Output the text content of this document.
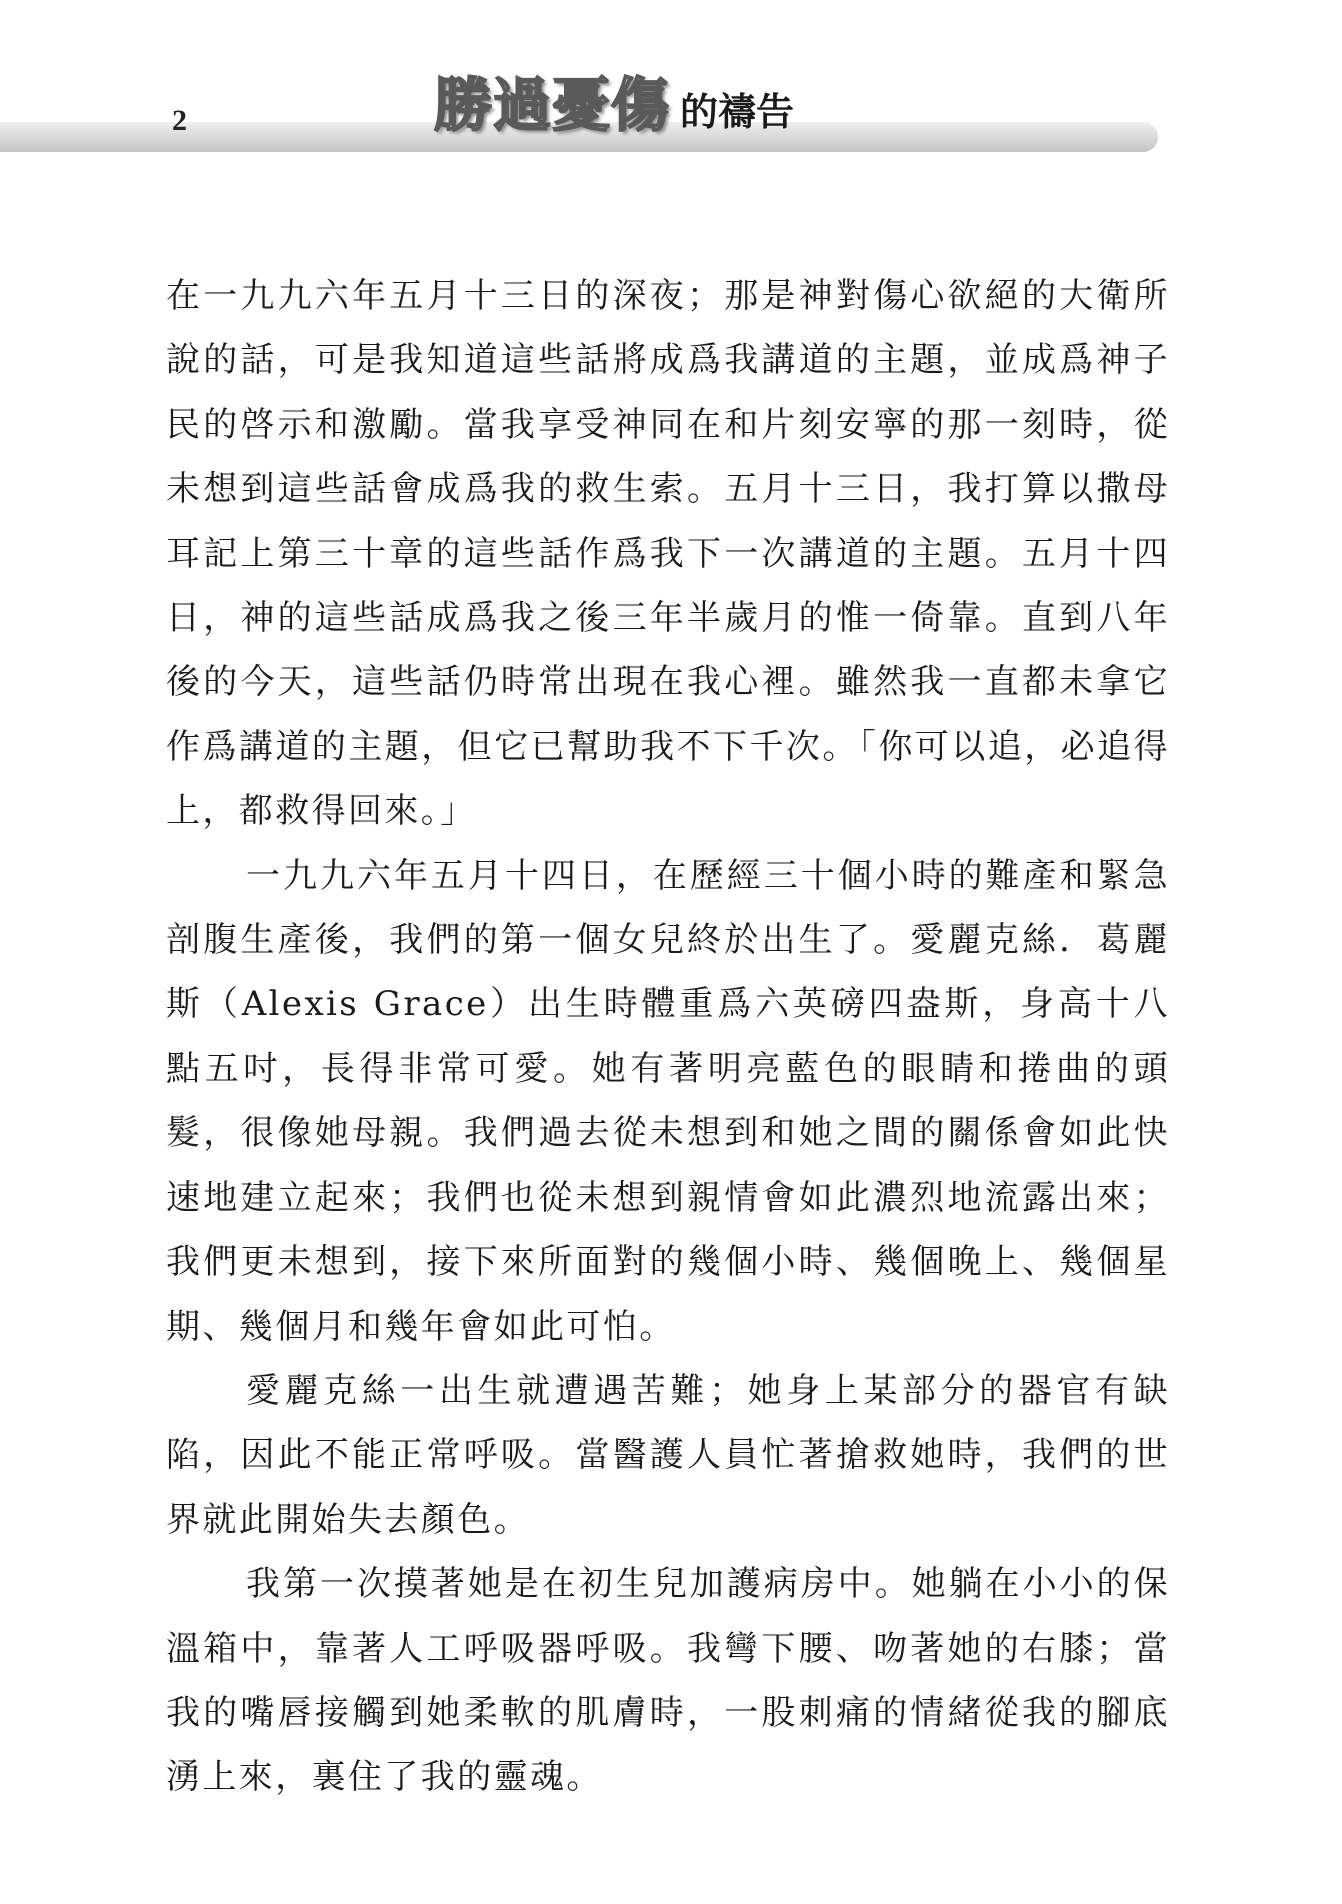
2	勝過憂傷 的禱告

在一九九六年五月十三日的深夜；那是神對傷心欲絕的大衛所說的話，可是我知道這些話將成爲我講道的主題，並成爲神子民的啓示和激勵。當我享受神同在和片刻安寧的那一刻時，從未想到這些話會成爲我的救生索。五月十三日，我打算以撒母耳記上第三十章的這些話作爲我下一次講道的主題。五月十四日，神的這些話成爲我之後三年半歲月的惟一倚靠。直到八年後的今天，這些話仍時常出現在我心裡。雖然我一直都未拿它作爲講道的主題，但它已幫助我不下千次。「你可以追，必追得上，都救得回來。」

一九九六年五月十四日，在歷經三十個小時的難產和緊急剖腹生產後，我們的第一個女兒終於出生了。愛麗克絲．葛麗斯（Alexis Grace）出生時體重爲六英磅四盎斯，身高十八點五吋，長得非常可愛。她有著明亮藍色的眼睛和捲曲的頭髮，很像她母親。我們過去從未想到和她之間的關係會如此快速地建立起來；我們也從未想到親情會如此濃烈地流露出來；我們更未想到，接下來所面對的幾個小時、幾個晚上、幾個星期、幾個月和幾年會如此可怕。

愛麗克絲一出生就遭遇苦難；她身上某部分的器官有缺陷，因此不能正常呼吸。當醫護人員忙著搶救她時，我們的世界就此開始失去顏色。

我第一次摸著她是在初生兒加護病房中。她躺在小小的保溫箱中，靠著人工呼吸器呼吸。我彎下腰、吻著她的右膝；當我的嘴唇接觸到她柔軟的肌膚時，一股刺痛的情緒從我的腳底湧上來，裏住了我的靈魂。
